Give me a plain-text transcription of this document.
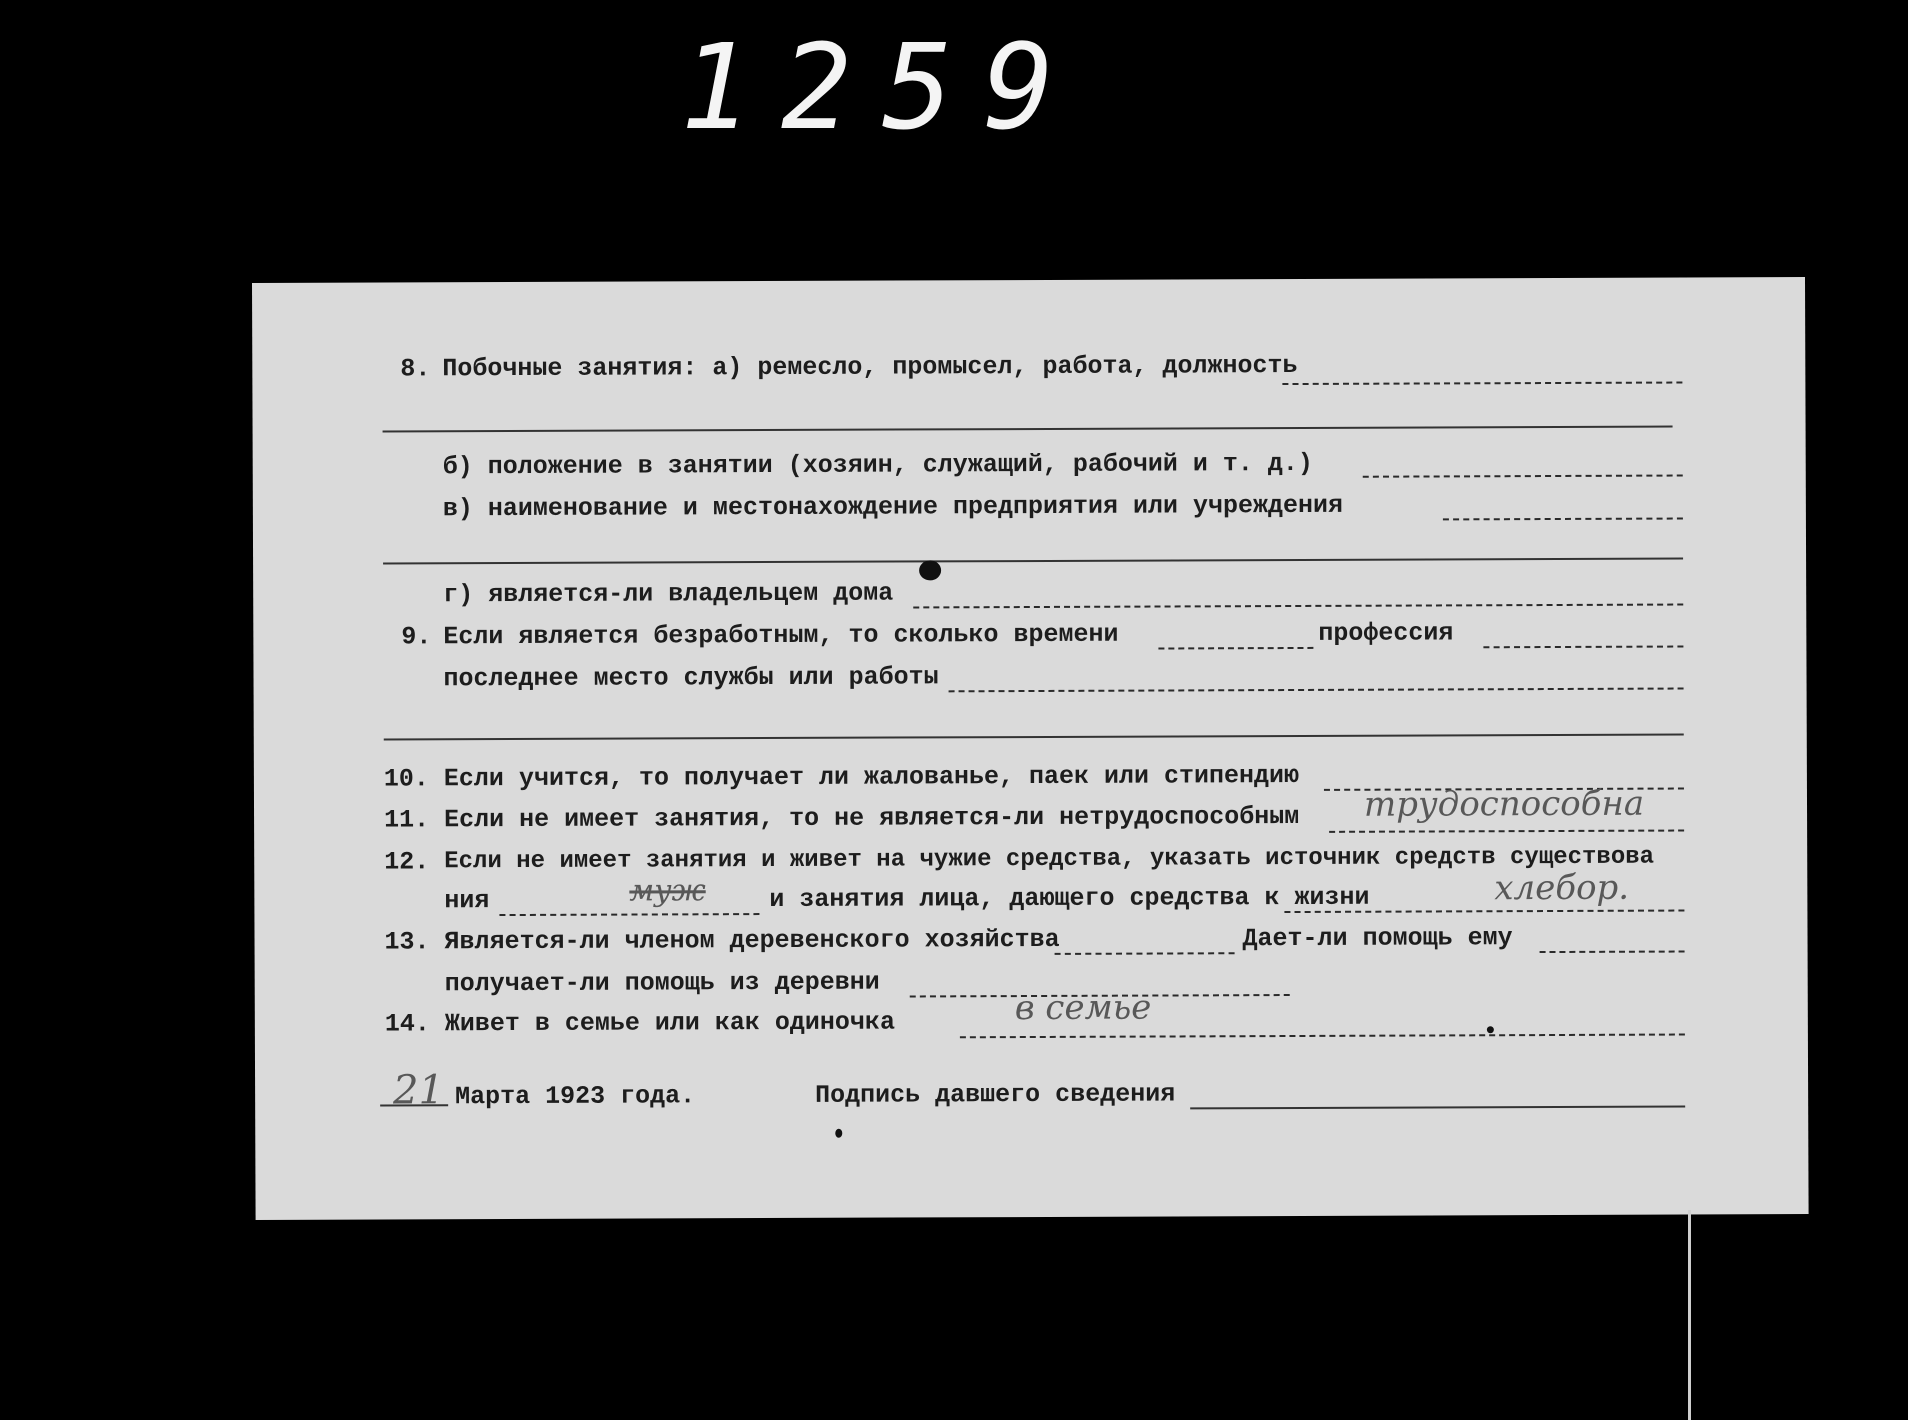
1259
8. Побочные занятия: а) ремесло, промысел, работа, должность
б) положение в занятии (хозяин, служащий, рабочий и т. д.)
в) наименование и местонахождение предприятия или учреждения
г) является-ли владельцем дома
9. Если является безработным, то сколько времени	профессия
последнее место службы или работы
10. Если учится, то получает ли жалованье, паек или стипендию
11. Если не имеет занятия, то не является-ли нетрудоспособным трудоспособна
12. Если не имеет занятия и живет на чужие средства, указать источник средств существова
ния	муж	и занятия лица, дающего средства к жизни	хлебор.
13. Является-ли членом деревенского хозяйства	Дает-ли помощь ему
получает-ли помощь из деревни
14. Живет в семье или как одиночка	в семье
21 Марта 1923 года.	Подпись давшего сведения
